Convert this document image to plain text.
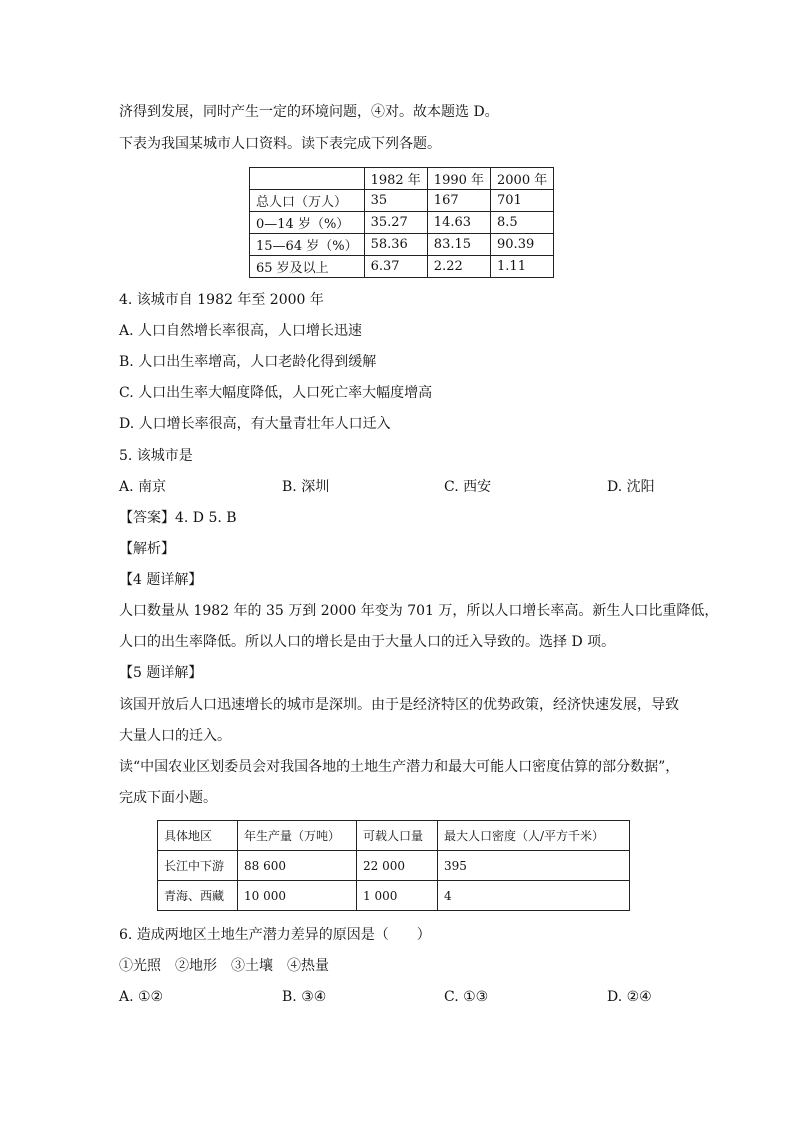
济得到发展，同时产生一定的环境问题，④对。故本题选 D。
下表为我国某城市人口资料。读下表完成下列各题。
	1982 年	1990 年	2000 年
总人口（万人）	35	167	701
0—14 岁（%）	35.27	14.63	8.5
15—64 岁（%）	58.36	83.15	90.39
65 岁及以上	6.37	2.22	1.11
4. 该城市自 1982 年至 2000 年
A. 人口自然增长率很高，人口增长迅速
B. 人口出生率增高，人口老龄化得到缓解
C. 人口出生率大幅度降低，人口死亡率大幅度增高
D. 人口增长率很高，有大量青壮年人口迁入
5. 该城市是
A. 南京	B. 深圳	C. 西安	D. 沈阳
【答案】4. D 5. B
【解析】
【4 题详解】
人口数量从 1982 年的 35 万到 2000 年变为 701 万，所以人口增长率高。新生人口比重降低，
人口的出生率降低。所以人口的增长是由于大量人口的迁入导致的。选择 D 项。
【5 题详解】
该国开放后人口迅速增长的城市是深圳。由于是经济特区的优势政策，经济快速发展，导致
大量人口的迁入。
读“中国农业区划委员会对我国各地的土地生产潜力和最大可能人口密度估算的部分数据”，
完成下面小题。
具体地区	年生产量（万吨）	可载人口量	最大人口密度（人/平方千米）
长江中下游	88 600	22 000	395
青海、西藏	10 000	1 000	4
6. 造成两地区土地生产潜力差异的原因是（　　）
①光照　②地形　③土壤　④热量
A. ①②	B. ③④	C. ①③	D. ②④
